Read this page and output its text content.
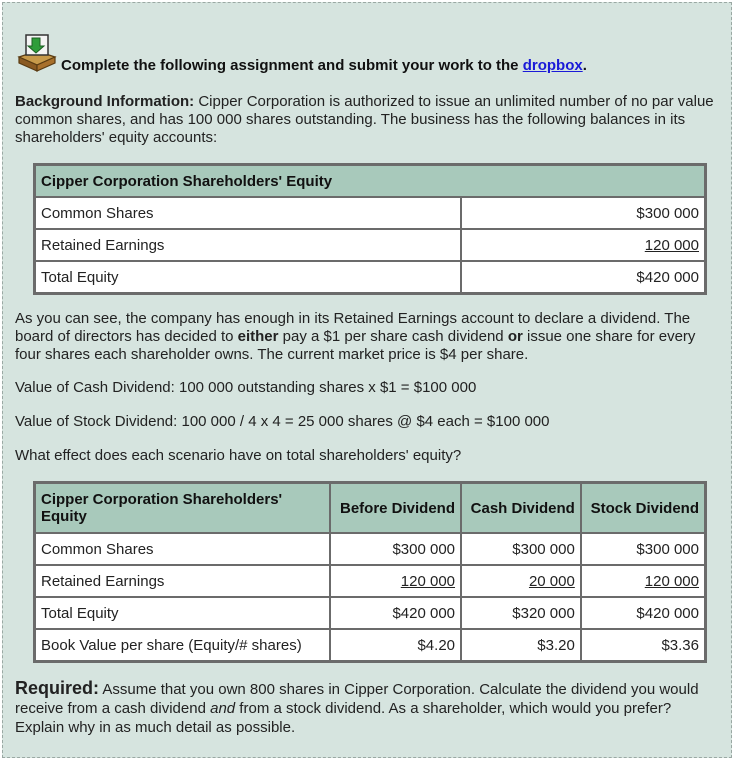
Complete the following assignment and submit your work to the dropbox.
Background Information: Cipper Corporation is authorized to issue an unlimited number of no par value common shares, and has 100 000 shares outstanding. The business has the following balances in its shareholders' equity accounts:
Cipper Corporation Shareholders' Equity	
Common Shares	$300 000
Retained Earnings	120 000
Total Equity	$420 000
As you can see, the company has enough in its Retained Earnings account to declare a dividend. The board of directors has decided to either pay a $1 per share cash dividend or issue one share for every four shares each shareholder owns. The current market price is $4 per share.
Value of Cash Dividend: 100 000 outstanding shares x $1 = $100 000
Value of Stock Dividend: 100 000 / 4 x 4 = 25 000 shares @ $4 each = $100 000
What effect does each scenario have on total shareholders' equity?
Cipper Corporation Shareholders' Equity	Before Dividend	Cash Dividend	Stock Dividend
Common Shares	$300 000	$300 000	$300 000
Retained Earnings	120 000	20 000	120 000
Total Equity	$420 000	$320 000	$420 000
Book Value per share (Equity/# shares)	$4.20	$3.20	$3.36
Required: Assume that you own 800 shares in Cipper Corporation. Calculate the dividend you would receive from a cash dividend and from a stock dividend. As a shareholder, which would you prefer? Explain why in as much detail as possible.
